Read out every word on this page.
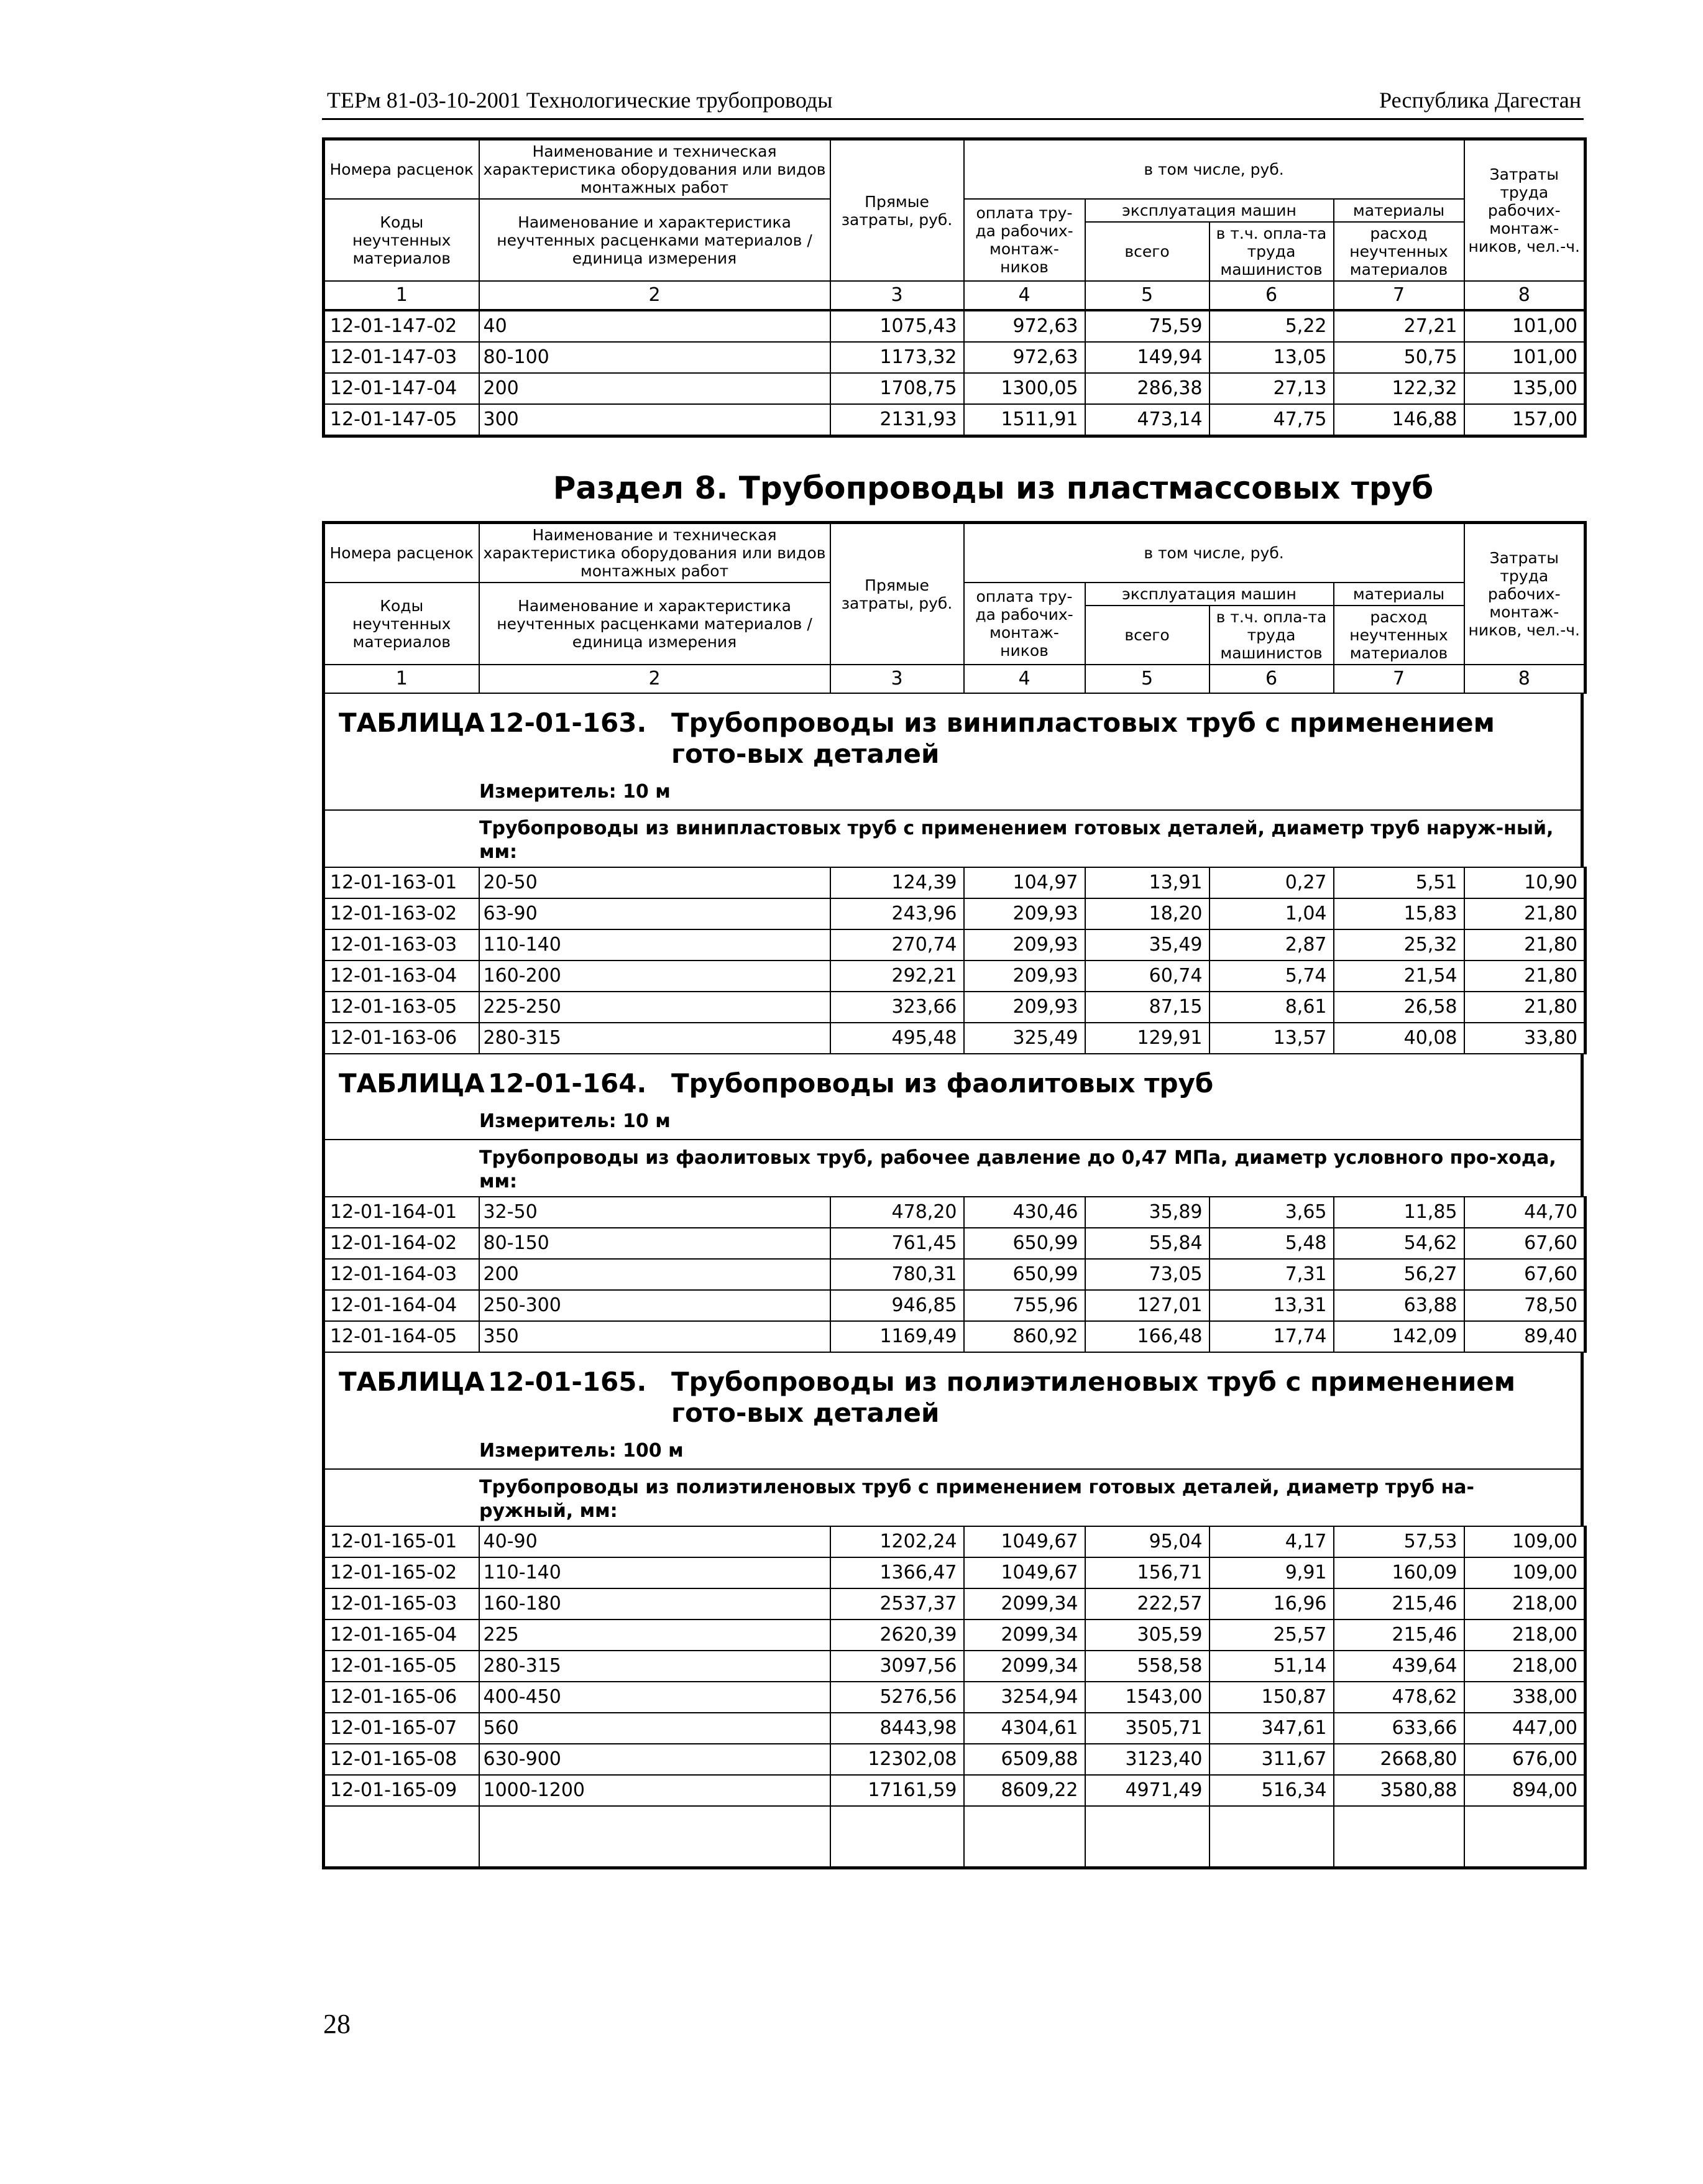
ТЕРм 81-03-10-2001 Технологические трубопроводы	Республика Дагестан
Номера расценок	Наименование и техническая характеристика оборудования или видов монтажных работ	Прямые затраты, руб.	в том числе, руб.				Затраты труда рабочих-монтаж-ников, чел.-ч.
Коды неучтенных материалов	Наименование и характеристика неучтенных расценками материалов / единица измерения		оплата тру-да рабочих-монтаж-ников	эксплуатация машин		материалы	
				всего	в т.ч. опла-та труда машинистов	расход неучтенных материалов	
1	2	3	4	5	6	7	8
12-01-147-02	40	1075,43	972,63	75,59	5,22	27,21	101,00
12-01-147-03	80-100	1173,32	972,63	149,94	13,05	50,75	101,00
12-01-147-04	200	1708,75	1300,05	286,38	27,13	122,32	135,00
12-01-147-05	300	2131,93	1511,91	473,14	47,75	146,88	157,00
Раздел 8. Трубопроводы из пластмассовых труб
Номера расценок	Наименование и техническая характеристика оборудования или видов монтажных работ	Прямые затраты, руб.	в том числе, руб.				Затраты труда рабочих-монтаж-ников, чел.-ч.
Коды неучтенных материалов	Наименование и характеристика неучтенных расценками материалов / единица измерения		оплата тру-да рабочих-монтаж-ников	эксплуатация машин		материалы	
				всего	в т.ч. опла-та труда машинистов	расход неучтенных материалов	
1	2	3	4	5	6	7	8
ТАБЛИЦА 12-01-163. Трубопроводы из винипластовых труб с применением гото-вых деталей
Измеритель: 10 м
Трубопроводы из винипластовых труб с применением готовых деталей, диаметр труб наруж-ный, мм:
12-01-163-01	20-50	124,39	104,97	13,91	0,27	5,51	10,90
12-01-163-02	63-90	243,96	209,93	18,20	1,04	15,83	21,80
12-01-163-03	110-140	270,74	209,93	35,49	2,87	25,32	21,80
12-01-163-04	160-200	292,21	209,93	60,74	5,74	21,54	21,80
12-01-163-05	225-250	323,66	209,93	87,15	8,61	26,58	21,80
12-01-163-06	280-315	495,48	325,49	129,91	13,57	40,08	33,80
ТАБЛИЦА 12-01-164. Трубопроводы из фаолитовых труб
Измеритель: 10 м
Трубопроводы из фаолитовых труб, рабочее давление до 0,47 МПа, диаметр условного про-хода, мм:
12-01-164-01	32-50	478,20	430,46	35,89	3,65	11,85	44,70
12-01-164-02	80-150	761,45	650,99	55,84	5,48	54,62	67,60
12-01-164-03	200	780,31	650,99	73,05	7,31	56,27	67,60
12-01-164-04	250-300	946,85	755,96	127,01	13,31	63,88	78,50
12-01-164-05	350	1169,49	860,92	166,48	17,74	142,09	89,40
ТАБЛИЦА 12-01-165. Трубопроводы из полиэтиленовых труб с применением гото-вых деталей
Измеритель: 100 м
Трубопроводы из полиэтиленовых труб с применением готовых деталей, диаметр труб на-ружный, мм:
12-01-165-01	40-90	1202,24	1049,67	95,04	4,17	57,53	109,00
12-01-165-02	110-140	1366,47	1049,67	156,71	9,91	160,09	109,00
12-01-165-03	160-180	2537,37	2099,34	222,57	16,96	215,46	218,00
12-01-165-04	225	2620,39	2099,34	305,59	25,57	215,46	218,00
12-01-165-05	280-315	3097,56	2099,34	558,58	51,14	439,64	218,00
12-01-165-06	400-450	5276,56	3254,94	1543,00	150,87	478,62	338,00
12-01-165-07	560	8443,98	4304,61	3505,71	347,61	633,66	447,00
12-01-165-08	630-900	12302,08	6509,88	3123,40	311,67	2668,80	676,00
12-01-165-09	1000-1200	17161,59	8609,22	4971,49	516,34	3580,88	894,00

28
